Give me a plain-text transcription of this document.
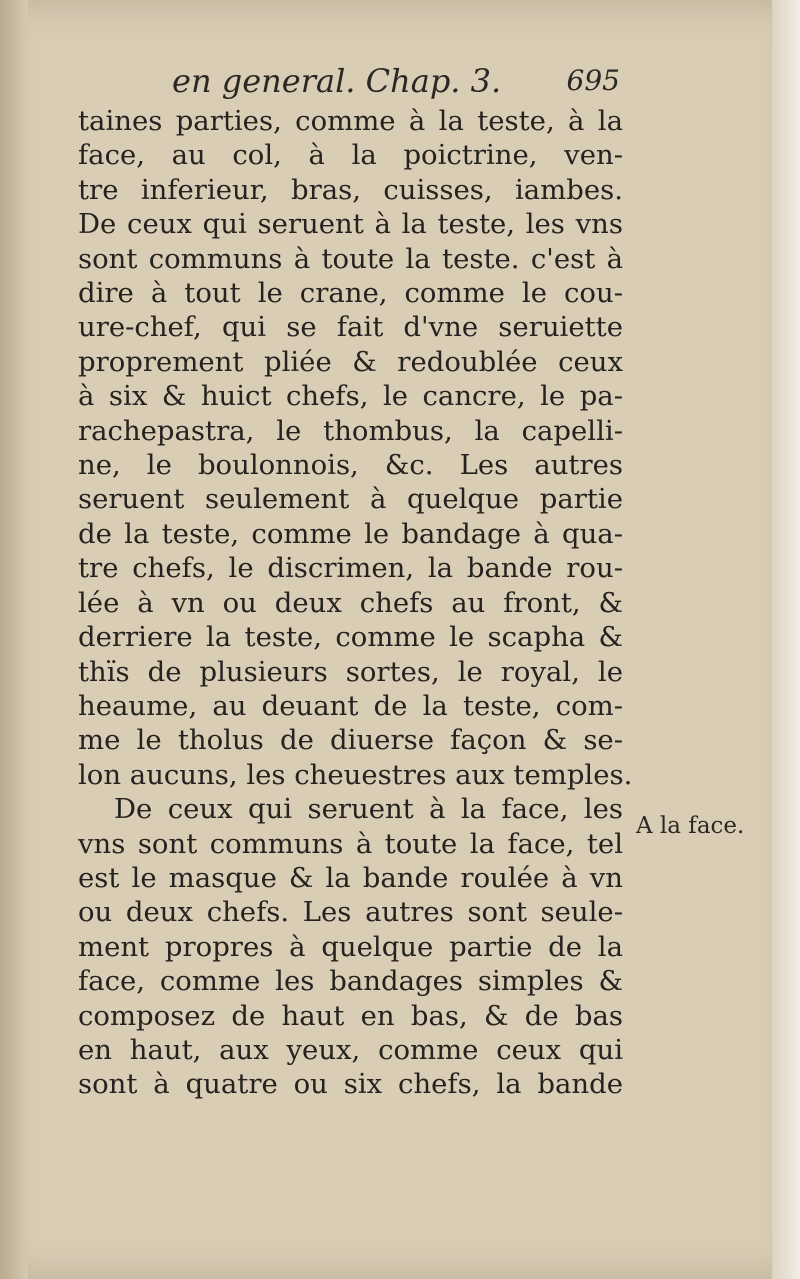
en general. Chap. 3. 695
taines parties, comme à la teste, à la
face, au col, à la poictrine, ven-
tre inferieur, bras, cuisses, iambes.
De ceux qui seruent à la teste, les vns
sont communs à toute la teste. c'est à
dire à tout le crane, comme le cou-
ure-chef, qui se fait d'vne seruiette
proprement pliée & redoublée ceux
à six & huict chefs, le cancre, le pa-
rachepastra, le thombus, la capelli-
ne, le boulonnois, &c. Les autres
seruent seulement à quelque partie
de la teste, comme le bandage à qua-
tre chefs, le discrimen, la bande rou-
lée à vn ou deux chefs au front, &
derriere la teste, comme le scapha &
thïs de plusieurs sortes, le royal, le
heaume, au deuant de la teste, com-
me le tholus de diuerse façon & se-
lon aucuns, les cheuestres aux temples.
De ceux qui seruent à la face, les
vns sont communs à toute la face, tel
est le masque & la bande roulée à vn
ou deux chefs. Les autres sont seule-
ment propres à quelque partie de la
face, comme les bandages simples &
composez de haut en bas, & de bas
en haut, aux yeux, comme ceux qui
sont à quatre ou six chefs, la bande
A la face.
